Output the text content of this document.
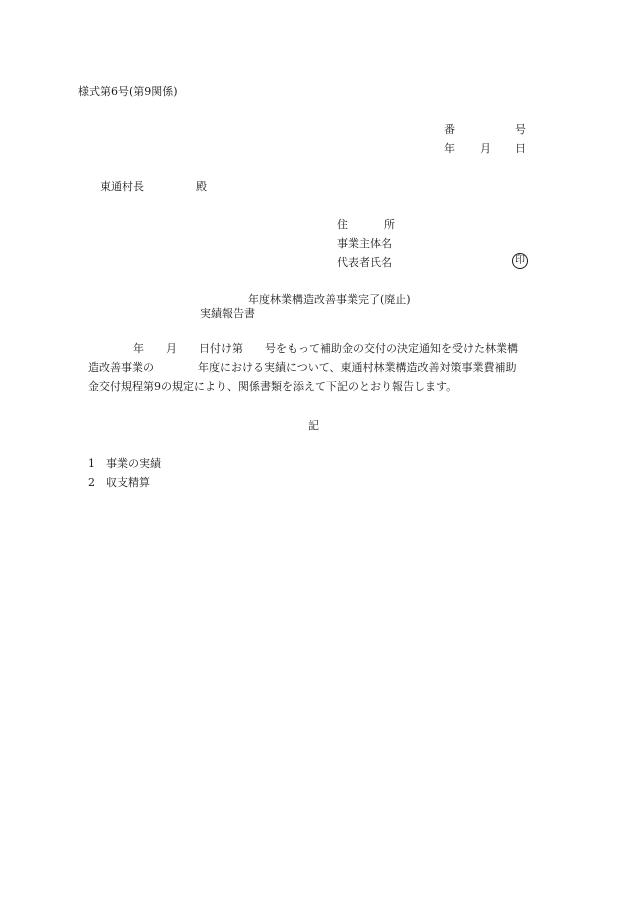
様式第6号(第9関係)
番	号
年 月 日
東通村長	殿
住	所
事業主体名
代表者氏名	印
年度林業構造改善事業完了(廃止)
実績報告書
　　　　　年　　月　　日付け第　　号をもって補助金の交付の決定通知を受けた林業構
造改善事業の　　　　年度における実績について、東通村林業構造改善対策事業費補助
金交付規程第9の規定により、関係書類を添えて下記のとおり報告します。
記
1　事業の実績
2　収支精算
